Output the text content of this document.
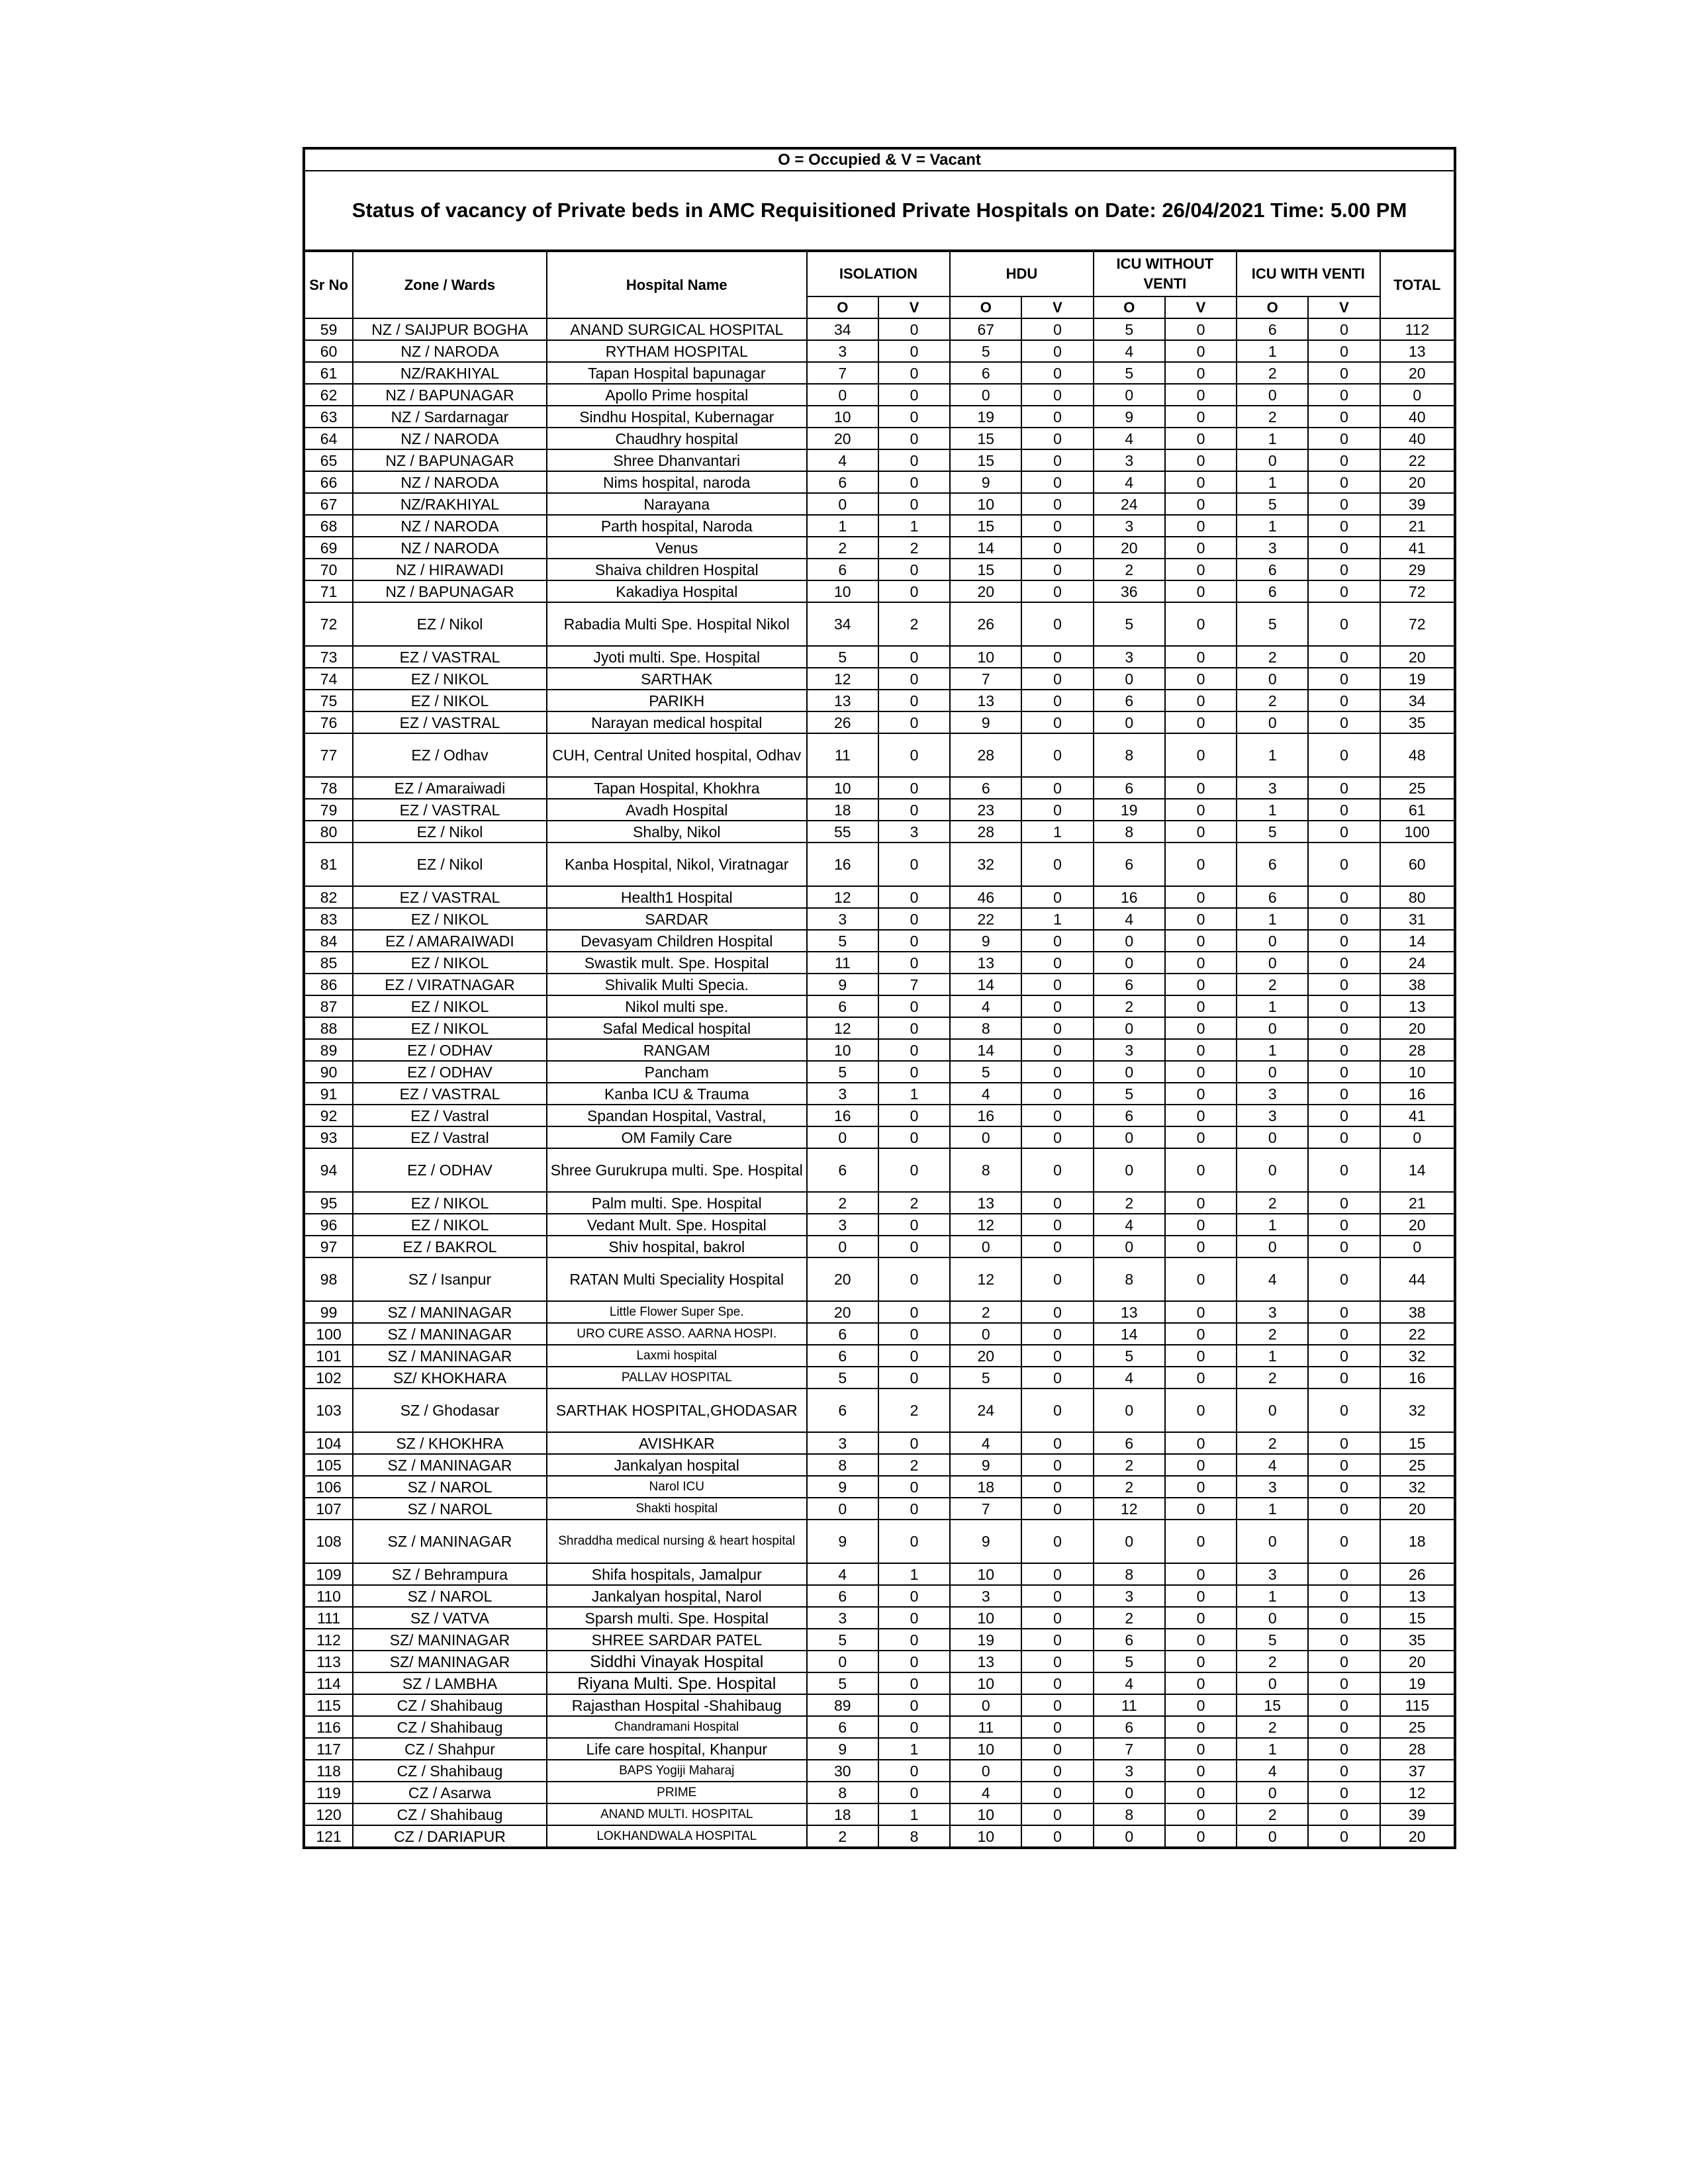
O = Occupied & V = Vacant											
Status of vacancy of Private beds in AMC Requisitioned Private Hospitals on Date: 26/04/2021 Time: 5.00 PM											
Sr No	Zone / Wards	Hospital Name	ISOLATION		HDU		ICU WITHOUT VENTI		ICU WITH VENTI		TOTAL
			O	V	O	V	O	V	O	V	
59	NZ / SAIJPUR BOGHA	ANAND SURGICAL HOSPITAL	34	0	67	0	5	0	6	0	112
60	NZ / NARODA	RYTHAM HOSPITAL	3	0	5	0	4	0	1	0	13
61	NZ/RAKHIYAL	Tapan Hospital bapunagar	7	0	6	0	5	0	2	0	20
62	NZ / BAPUNAGAR	Apollo Prime hospital	0	0	0	0	0	0	0	0	0
63	NZ / Sardarnagar	Sindhu Hospital, Kubernagar	10	0	19	0	9	0	2	0	40
64	NZ / NARODA	Chaudhry hospital	20	0	15	0	4	0	1	0	40
65	NZ / BAPUNAGAR	Shree Dhanvantari	4	0	15	0	3	0	0	0	22
66	NZ / NARODA	Nims hospital, naroda	6	0	9	0	4	0	1	0	20
67	NZ/RAKHIYAL	Narayana	0	0	10	0	24	0	5	0	39
68	NZ / NARODA	Parth hospital, Naroda	1	1	15	0	3	0	1	0	21
69	NZ / NARODA	Venus	2	2	14	0	20	0	3	0	41
70	NZ / HIRAWADI	Shaiva children Hospital	6	0	15	0	2	0	6	0	29
71	NZ / BAPUNAGAR	Kakadiya Hospital	10	0	20	0	36	0	6	0	72
72	EZ / Nikol	Rabadia Multi Spe. Hospital Nikol	34	2	26	0	5	0	5	0	72
73	EZ / VASTRAL	Jyoti multi. Spe. Hospital	5	0	10	0	3	0	2	0	20
74	EZ / NIKOL	SARTHAK	12	0	7	0	0	0	0	0	19
75	EZ / NIKOL	PARIKH	13	0	13	0	6	0	2	0	34
76	EZ / VASTRAL	Narayan medical hospital	26	0	9	0	0	0	0	0	35
77	EZ / Odhav	CUH, Central United hospital, Odhav	11	0	28	0	8	0	1	0	48
78	EZ / Amaraiwadi	Tapan Hospital, Khokhra	10	0	6	0	6	0	3	0	25
79	EZ / VASTRAL	Avadh Hospital	18	0	23	0	19	0	1	0	61
80	EZ / Nikol	Shalby, Nikol	55	3	28	1	8	0	5	0	100
81	EZ / Nikol	Kanba Hospital, Nikol, Viratnagar	16	0	32	0	6	0	6	0	60
82	EZ / VASTRAL	Health1 Hospital	12	0	46	0	16	0	6	0	80
83	EZ / NIKOL	SARDAR	3	0	22	1	4	0	1	0	31
84	EZ / AMARAIWADI	Devasyam Children Hospital	5	0	9	0	0	0	0	0	14
85	EZ / NIKOL	Swastik mult. Spe. Hospital	11	0	13	0	0	0	0	0	24
86	EZ / VIRATNAGAR	Shivalik Multi Specia.	9	7	14	0	6	0	2	0	38
87	EZ / NIKOL	Nikol multi spe.	6	0	4	0	2	0	1	0	13
88	EZ / NIKOL	Safal Medical hospital	12	0	8	0	0	0	0	0	20
89	EZ / ODHAV	RANGAM	10	0	14	0	3	0	1	0	28
90	EZ / ODHAV	Pancham	5	0	5	0	0	0	0	0	10
91	EZ / VASTRAL	Kanba ICU & Trauma	3	1	4	0	5	0	3	0	16
92	EZ / Vastral	Spandan Hospital, Vastral,	16	0	16	0	6	0	3	0	41
93	EZ / Vastral	OM Family Care	0	0	0	0	0	0	0	0	0
94	EZ / ODHAV	Shree Gurukrupa multi. Spe. Hospital	6	0	8	0	0	0	0	0	14
95	EZ / NIKOL	Palm multi. Spe. Hospital	2	2	13	0	2	0	2	0	21
96	EZ / NIKOL	Vedant Mult. Spe. Hospital	3	0	12	0	4	0	1	0	20
97	EZ / BAKROL	Shiv hospital, bakrol	0	0	0	0	0	0	0	0	0
98	SZ / Isanpur	RATAN Multi Speciality Hospital	20	0	12	0	8	0	4	0	44
99	SZ / MANINAGAR	Little Flower Super Spe.	20	0	2	0	13	0	3	0	38
100	SZ / MANINAGAR	URO CURE ASSO. AARNA HOSPI.	6	0	0	0	14	0	2	0	22
101	SZ / MANINAGAR	Laxmi hospital	6	0	20	0	5	0	1	0	32
102	SZ/ KHOKHARA	PALLAV HOSPITAL	5	0	5	0	4	0	2	0	16
103	SZ / Ghodasar	SARTHAK HOSPITAL,GHODASAR	6	2	24	0	0	0	0	0	32
104	SZ / KHOKHRA	AVISHKAR	3	0	4	0	6	0	2	0	15
105	SZ / MANINAGAR	Jankalyan hospital	8	2	9	0	2	0	4	0	25
106	SZ / NAROL	Narol ICU	9	0	18	0	2	0	3	0	32
107	SZ / NAROL	Shakti hospital	0	0	7	0	12	0	1	0	20
108	SZ / MANINAGAR	Shraddha medical nursing & heart hospital	9	0	9	0	0	0	0	0	18
109	SZ / Behrampura	Shifa hospitals, Jamalpur	4	1	10	0	8	0	3	0	26
110	SZ / NAROL	Jankalyan hospital, Narol	6	0	3	0	3	0	1	0	13
111	SZ / VATVA	Sparsh multi. Spe. Hospital	3	0	10	0	2	0	0	0	15
112	SZ/ MANINAGAR	SHREE SARDAR PATEL	5	0	19	0	6	0	5	0	35
113	SZ/ MANINAGAR	Siddhi Vinayak Hospital	0	0	13	0	5	0	2	0	20
114	SZ / LAMBHA	Riyana Multi. Spe. Hospital	5	0	10	0	4	0	0	0	19
115	CZ / Shahibaug	Rajasthan Hospital -Shahibaug	89	0	0	0	11	0	15	0	115
116	CZ / Shahibaug	Chandramani Hospital	6	0	11	0	6	0	2	0	25
117	CZ / Shahpur	Life care hospital, Khanpur	9	1	10	0	7	0	1	0	28
118	CZ / Shahibaug	BAPS Yogiji Maharaj	30	0	0	0	3	0	4	0	37
119	CZ / Asarwa	PRIME	8	0	4	0	0	0	0	0	12
120	CZ / Shahibaug	ANAND MULTI. HOSPITAL	18	1	10	0	8	0	2	0	39
121	CZ / DARIAPUR	LOKHANDWALA HOSPITAL	2	8	10	0	0	0	0	0	20
